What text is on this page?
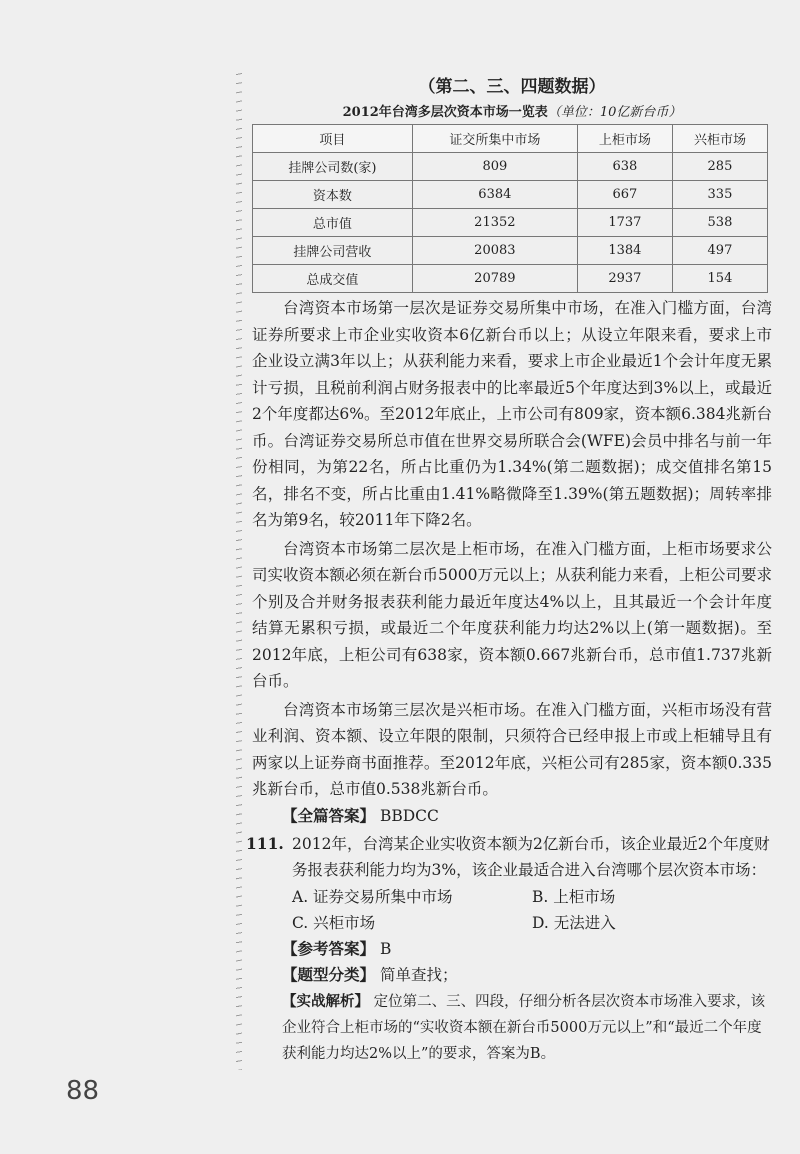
（第二、三、四题数据）
2012年台湾多层次资本市场一览表（单位：10亿新台币）
项目	证交所集中市场	上柜市场	兴柜市场
挂牌公司数(家)	809	638	285
资本数	6384	667	335
总市值	21352	1737	538
挂牌公司营收	20083	1384	497
总成交值	20789	2937	154

台湾资本市场第一层次是证券交易所集中市场，在准入门槛方面，台湾证券所要求上市企业实收资本6亿新台币以上；从设立年限来看，要求上市企业设立满3年以上；从获利能力来看，要求上市企业最近1个会计年度无累计亏损，且税前利润占财务报表中的比率最近5个年度达到3%以上，或最近2个年度都达6%。至2012年底止，上市公司有809家，资本额6.384兆新台币。台湾证券交易所总市值在世界交易所联合会(WFE)会员中排名与前一年份相同，为第22名，所占比重仍为1.34%(第二题数据)；成交值排名第15名，排名不变，所占比重由1.41%略微降至1.39%(第五题数据)；周转率排名为第9名，较2011年下降2名。

台湾资本市场第二层次是上柜市场，在准入门槛方面，上柜市场要求公司实收资本额必须在新台币5000万元以上；从获利能力来看，上柜公司要求个别及合并财务报表获利能力最近年度达4%以上，且其最近一个会计年度结算无累积亏损，或最近二个年度获利能力均达2%以上(第一题数据)。至2012年底，上柜公司有638家，资本额0.667兆新台币，总市值1.737兆新台币。

台湾资本市场第三层次是兴柜市场。在准入门槛方面，兴柜市场没有营业利润、资本额、设立年限的限制，只须符合已经申报上市或上柜辅导且有两家以上证券商书面推荐。至2012年底，兴柜公司有285家，资本额0.335兆新台币，总市值0.538兆新台币。

【全篇答案】 BBDCC
111. 2012年，台湾某企业实收资本额为2亿新台币，该企业最近2个年度财务报表获利能力均为3%，该企业最适合进入台湾哪个层次资本市场：
A. 证券交易所集中市场	B. 上柜市场
C. 兴柜市场	D. 无法进入
【参考答案】 B
【题型分类】 简单查找；
【实战解析】 定位第二、三、四段，仔细分析各层次资本市场准入要求，该企业符合上柜市场的“实收资本额在新台币5000万元以上”和“最近二个年度获利能力均达2%以上”的要求，答案为B。
88
